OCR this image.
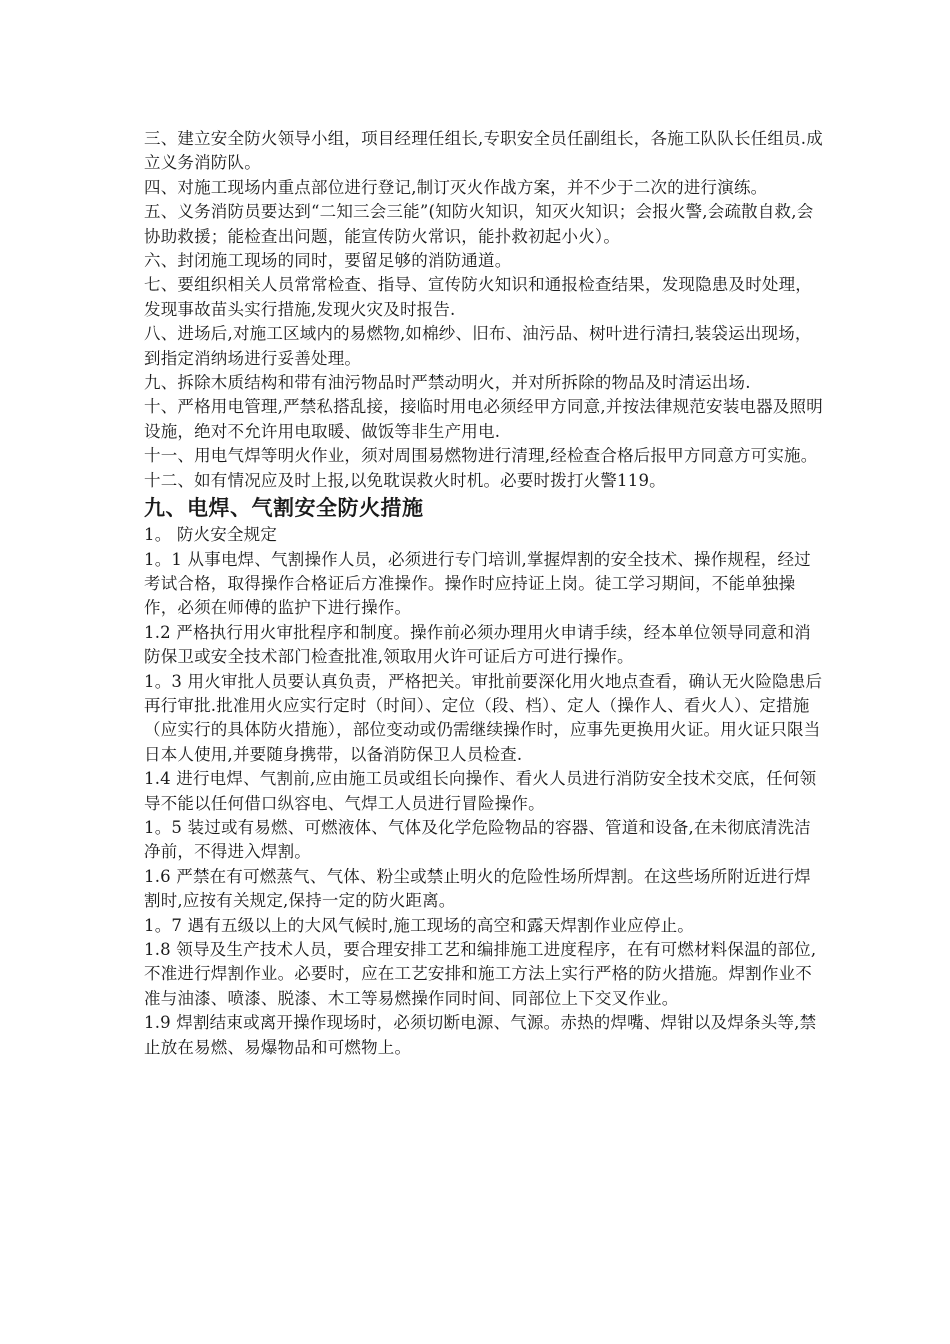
三、建立安全防火领导小组，项目经理任组长,专职安全员任副组长，各施工队队长任组员.成立义务消防队。

四、对施工现场内重点部位进行登记,制订灭火作战方案，并不少于二次的进行演练。

五、义务消防员要达到“二知三会三能”(知防火知识，知灭火知识；会报火警,会疏散自救,会协助救援；能检查出问题，能宣传防火常识，能扑救初起小火）。

六、封闭施工现场的同时，要留足够的消防通道。

七、要组织相关人员常常检查、指导、宣传防火知识和通报检查结果，发现隐患及时处理，发现事故苗头实行措施,发现火灾及时报告.

八、进场后,对施工区域内的易燃物,如棉纱、旧布、油污品、树叶进行清扫,装袋运出现场，到指定消纳场进行妥善处理。

九、拆除木质结构和带有油污物品时严禁动明火，并对所拆除的物品及时清运出场.

十、严格用电管理,严禁私搭乱接，接临时用电必须经甲方同意,并按法律规范安装电器及照明设施，绝对不允许用电取暖、做饭等非生产用电.

十一、用电气焊等明火作业，须对周围易燃物进行清理,经检查合格后报甲方同意方可实施。

十二、如有情况应及时上报,以免耽误救火时机。必要时拨打火警119。

九、电焊、气割安全防火措施

1。 防火安全规定

1。1 从事电焊、气割操作人员，必须进行专门培训,掌握焊割的安全技术、操作规程，经过考试合格，取得操作合格证后方准操作。操作时应持证上岗。徒工学习期间，不能单独操作，必须在师傅的监护下进行操作。

1.2 严格执行用火审批程序和制度。操作前必须办理用火申请手续，经本单位领导同意和消防保卫或安全技术部门检查批准,领取用火许可证后方可进行操作。

1。3 用火审批人员要认真负责，严格把关。审批前要深化用火地点查看，确认无火险隐患后再行审批.批准用火应实行定时（时间）、定位（段、档）、定人（操作人、看火人）、定措施（应实行的具体防火措施），部位变动或仍需继续操作时，应事先更换用火证。用火证只限当日本人使用,并要随身携带，以备消防保卫人员检查.

1.4 进行电焊、气割前,应由施工员或组长向操作、看火人员进行消防安全技术交底，任何领导不能以任何借口纵容电、气焊工人员进行冒险操作。

1。5 装过或有易燃、可燃液体、气体及化学危险物品的容器、管道和设备,在未彻底清洗洁净前，不得进入焊割。

1.6 严禁在有可燃蒸气、气体、粉尘或禁止明火的危险性场所焊割。在这些场所附近进行焊割时,应按有关规定,保持一定的防火距离。

1。7 遇有五级以上的大风气候时,施工现场的高空和露天焊割作业应停止。

1.8 领导及生产技术人员，要合理安排工艺和编排施工进度程序，在有可燃材料保温的部位,不准进行焊割作业。必要时，应在工艺安排和施工方法上实行严格的防火措施。焊割作业不准与油漆、喷漆、脱漆、木工等易燃操作同时间、同部位上下交叉作业。

1.9 焊割结束或离开操作现场时，必须切断电源、气源。赤热的焊嘴、焊钳以及焊条头等,禁止放在易燃、易爆物品和可燃物上。
